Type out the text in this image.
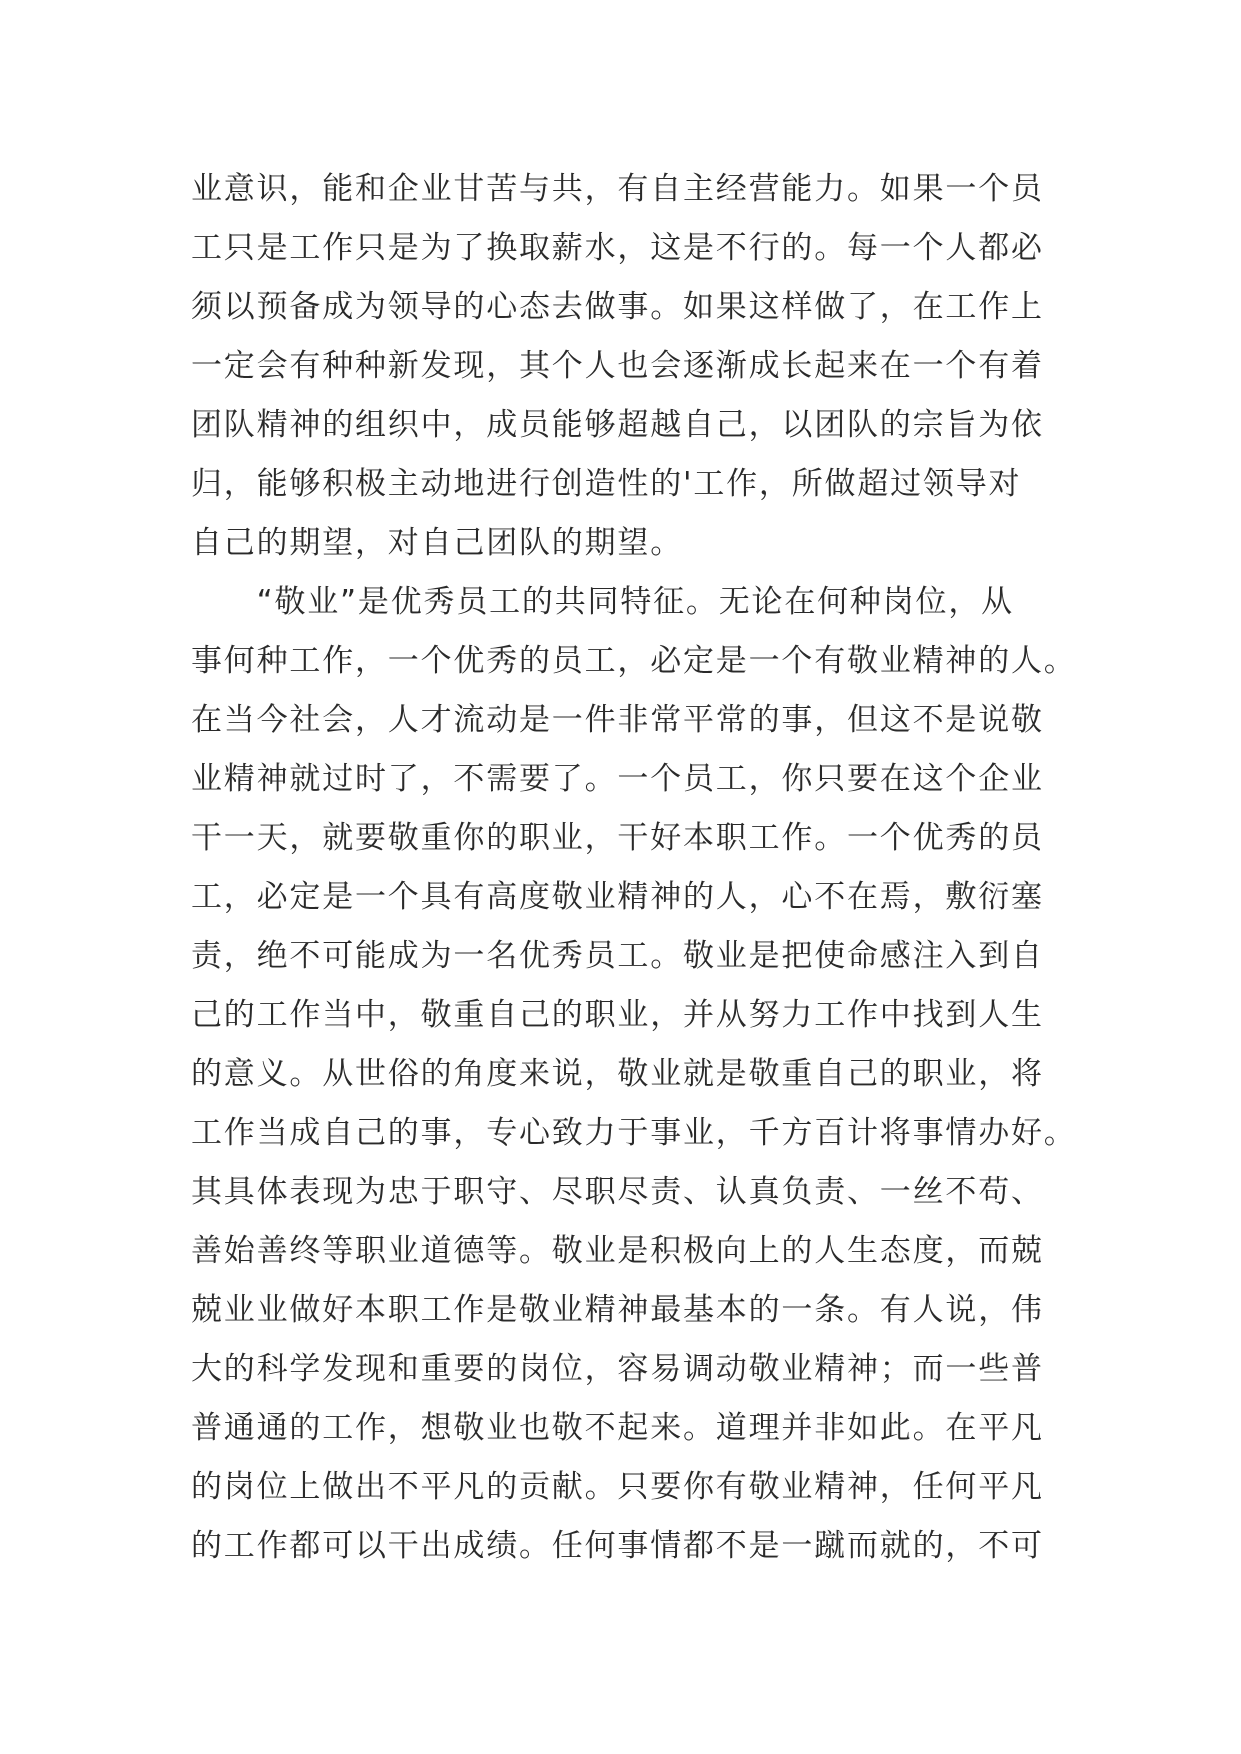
业意识，能和企业甘苦与共，有自主经营能力。如果一个员
工只是工作只是为了换取薪水，这是不行的。每一个人都必
须以预备成为领导的心态去做事。如果这样做了，在工作上
一定会有种种新发现，其个人也会逐渐成长起来在一个有着
团队精神的组织中，成员能够超越自己，以团队的宗旨为依
归，能够积极主动地进行创造性的'工作，所做超过领导对
自己的期望，对自己团队的期望。
　　“敬业”是优秀员工的共同特征。无论在何种岗位，从
事何种工作，一个优秀的员工，必定是一个有敬业精神的人。
在当今社会，人才流动是一件非常平常的事，但这不是说敬
业精神就过时了，不需要了。一个员工，你只要在这个企业
干一天，就要敬重你的职业，干好本职工作。一个优秀的员
工，必定是一个具有高度敬业精神的人，心不在焉，敷衍塞
责，绝不可能成为一名优秀员工。敬业是把使命感注入到自
己的工作当中，敬重自己的职业，并从努力工作中找到人生
的意义。从世俗的角度来说，敬业就是敬重自己的职业，将
工作当成自己的事，专心致力于事业，千方百计将事情办好。
其具体表现为忠于职守、尽职尽责、认真负责、一丝不苟、
善始善终等职业道德等。敬业是积极向上的人生态度，而兢
兢业业做好本职工作是敬业精神最基本的一条。有人说，伟
大的科学发现和重要的岗位，容易调动敬业精神；而一些普
普通通的工作，想敬业也敬不起来。道理并非如此。在平凡
的岗位上做出不平凡的贡献。只要你有敬业精神，任何平凡
的工作都可以干出成绩。任何事情都不是一蹴而就的，不可
